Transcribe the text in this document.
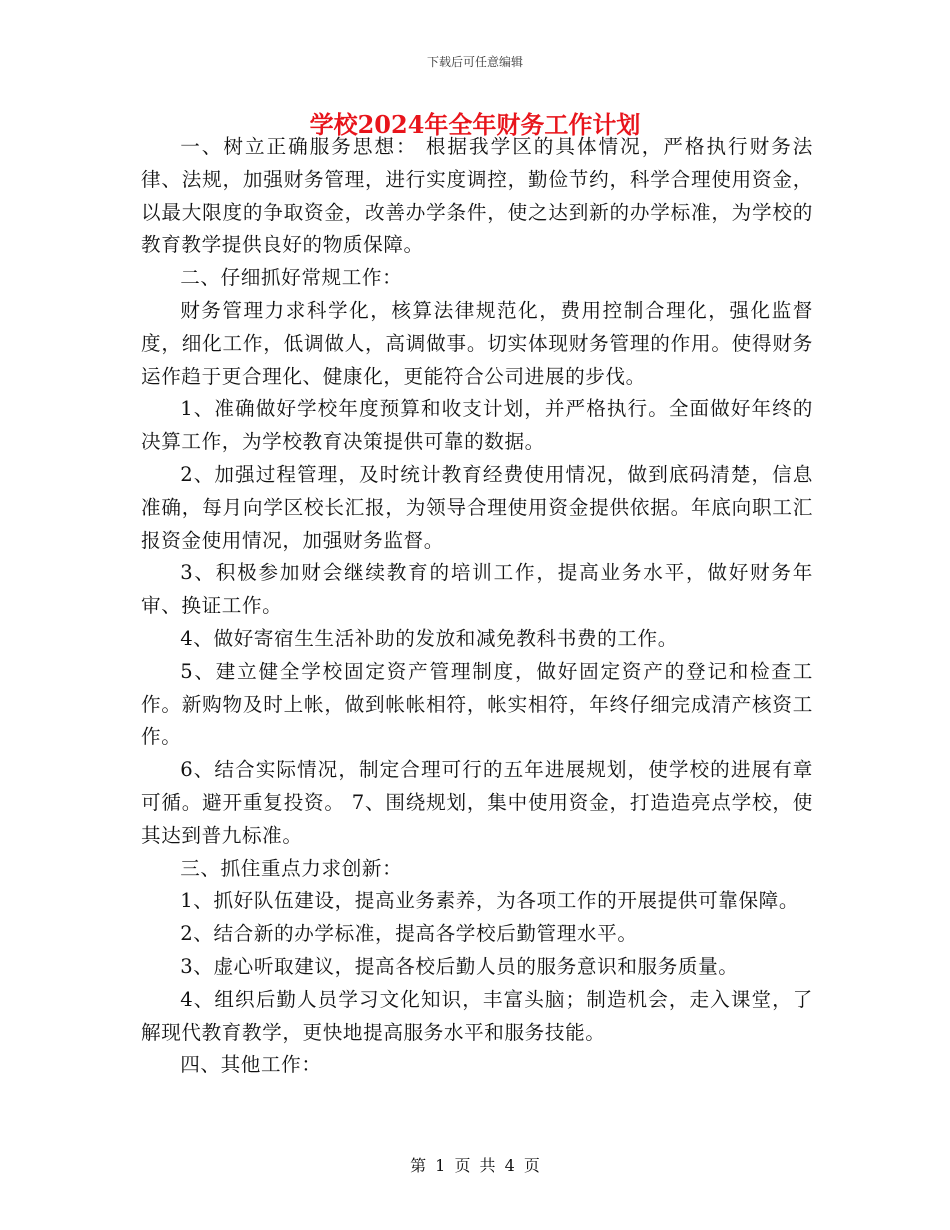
下载后可任意编辑
学校2024年全年财务工作计划

一、树立正确服务思想： 根据我学区的具体情况，严格执行财务法律、法规，加强财务管理，进行实度调控，勤俭节约，科学合理使用资金，以最大限度的争取资金，改善办学条件，使之达到新的办学标准，为学校的教育教学提供良好的物质保障。

二、仔细抓好常规工作：

财务管理力求科学化，核算法律规范化，费用控制合理化，强化监督度，细化工作，低调做人，高调做事。切实体现财务管理的作用。使得财务运作趋于更合理化、健康化，更能符合公司进展的步伐。

1、准确做好学校年度预算和收支计划，并严格执行。全面做好年终的决算工作，为学校教育决策提供可靠的数据。

2、加强过程管理，及时统计教育经费使用情况，做到底码清楚，信息准确，每月向学区校长汇报，为领导合理使用资金提供依据。年底向职工汇报资金使用情况，加强财务监督。

3、积极参加财会继续教育的培训工作，提高业务水平，做好财务年审、换证工作。

4、做好寄宿生生活补助的发放和减免教科书费的工作。

5、建立健全学校固定资产管理制度，做好固定资产的登记和检查工作。新购物及时上帐，做到帐帐相符，帐实相符，年终仔细完成清产核资工作。

6、结合实际情况，制定合理可行的五年进展规划，使学校的进展有章可循。避开重复投资。 7、围绕规划，集中使用资金，打造造亮点学校，使其达到普九标准。

三、抓住重点力求创新：

1、抓好队伍建设，提高业务素养，为各项工作的开展提供可靠保障。

2、结合新的办学标准，提高各学校后勤管理水平。

3、虚心听取建议，提高各校后勤人员的服务意识和服务质量。

4、组织后勤人员学习文化知识，丰富头脑；制造机会，走入课堂，了解现代教育教学，更快地提高服务水平和服务技能。

四、其他工作：

第 1 页 共 4 页
